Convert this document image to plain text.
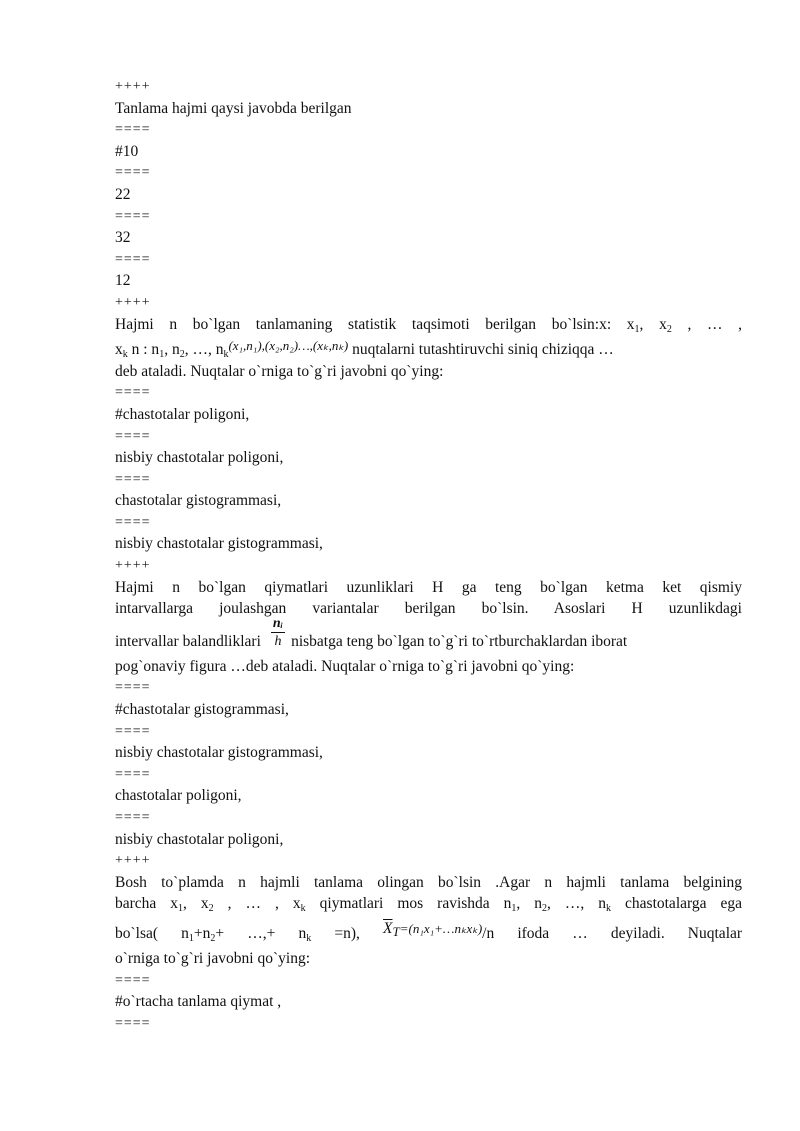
++++
Tanlama hajmi qaysi javobda berilgan
====
#10
====
22
====
32
====
12
++++
Hajmi n bo`lgan tanlamaning statistik taqsimoti berilgan bo`lsin:x: $x_1$, $x_2$ , … ,
$x_k$ n : $n_1$, $n_2$, …, $n_k^{(x_1,n_1),(x_2,n_2)\dots,(x_k,n_k)}$ nuqtalarni tutashtiruvchi siniq chiziqqa …
deb ataladi. Nuqtalar o`rniga to`g`ri javobni qo`ying:
====
#chastotalar poligoni,
====
nisbiy chastotalar poligoni,
====
chastotalar gistogrammasi,
====
nisbiy chastotalar gistogrammasi,
++++
Hajmi n bo`lgan qiymatlari uzunliklari H ga teng bo`lgan ketma ket qismiy
intarvallarga joulashgan variantalar berilgan bo`lsin. Asoslari H uzunlikdagi
intervallar balandliklari $\frac{\text{nᵢ}}{h}$ nisbatga teng bo`lgan to`g`ri to`rtburchaklardan iborat
pog`onaviy figura …deb ataladi. Nuqtalar o`rniga to`g`ri javobni qo`ying:
====
#chastotalar gistogrammasi,
====
nisbiy chastotalar gistogrammasi,
====
chastotalar poligoni,
====
nisbiy chastotalar poligoni,
++++
Bosh to`plamda n hajmli tanlama olingan bo`lsin .Agar n hajmli tanlama belgining
barcha $x_1$, $x_2$ , … , $x_k$ qiymatlari mos ravishda $n_1$, $n_2$, …, $n_k$ chastotalarga ega
bo`lsa( $n_1+n_2+$ …,+ $n_k =n$), $\overline{X}_T=(n_1x_1+\dots n_kx_k)/n$ ifoda … deyiladi. Nuqtalar
o`rniga to`g`ri javobni qo`ying:
====
#o`rtacha tanlama qiymat ,
====
